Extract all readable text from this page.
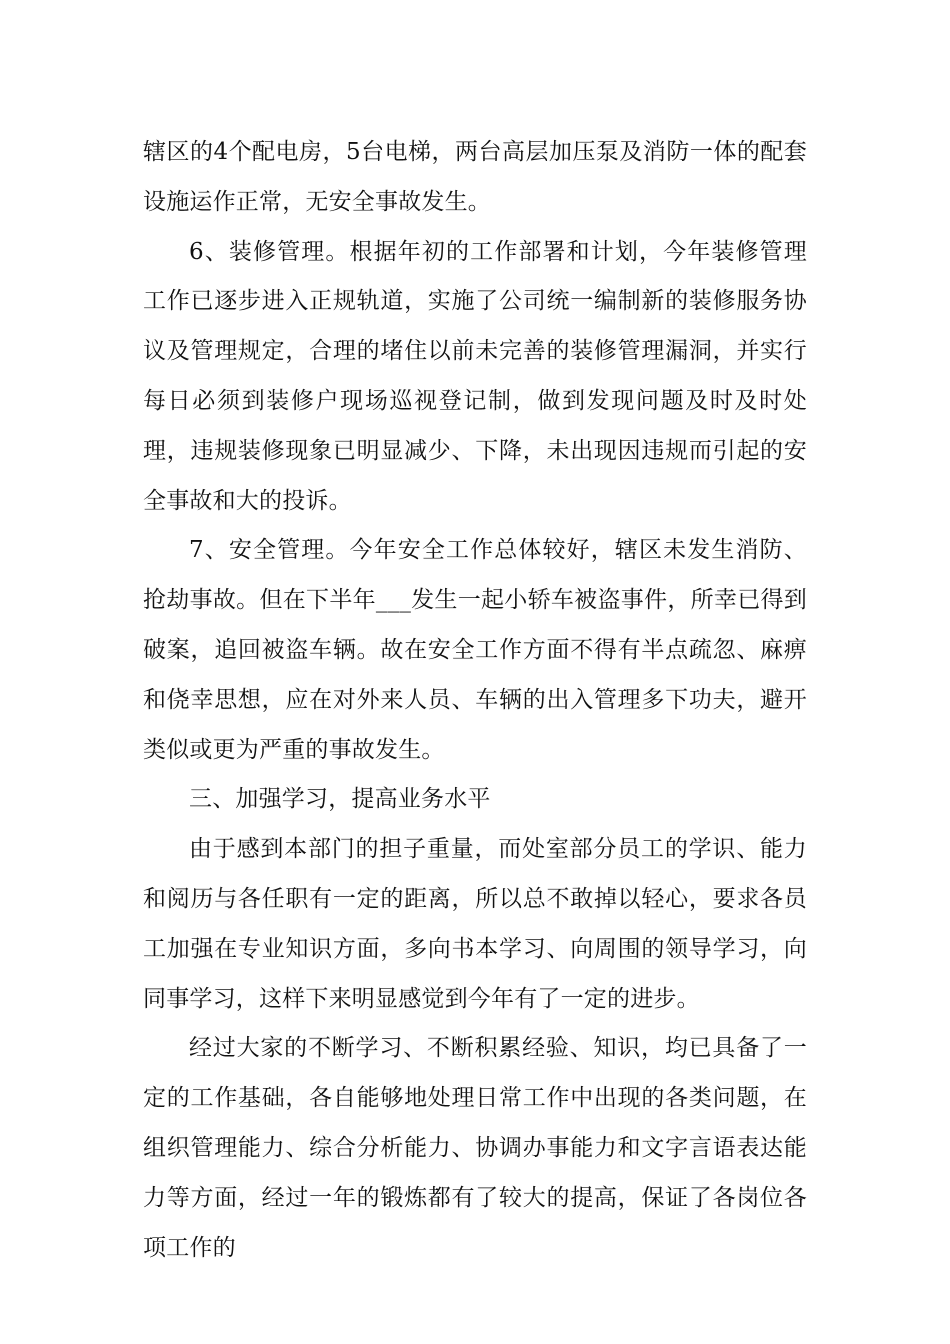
辖区的4个配电房，5台电梯，两台高层加压泵及消防一体的配套设施运作正常，无安全事故发生。

6、装修管理。根据年初的工作部署和计划，今年装修管理工作已逐步进入正规轨道，实施了公司统一编制新的装修服务协议及管理规定，合理的堵住以前未完善的装修管理漏洞，并实行每日必须到装修户现场巡视登记制，做到发现问题及时及时处理，违规装修现象已明显减少、下降，未出现因违规而引起的安全事故和大的投诉。

7、安全管理。今年安全工作总体较好，辖区未发生消防、抢劫事故。但在下半年___发生一起小轿车被盗事件，所幸已得到破案，追回被盗车辆。故在安全工作方面不得有半点疏忽、麻痹和侥幸思想，应在对外来人员、车辆的出入管理多下功夫，避开类似或更为严重的事故发生。

三、加强学习，提高业务水平

由于感到本部门的担子重量，而处室部分员工的学识、能力和阅历与各任职有一定的距离，所以总不敢掉以轻心，要求各员工加强在专业知识方面，多向书本学习、向周围的领导学习，向同事学习，这样下来明显感觉到今年有了一定的进步。

经过大家的不断学习、不断积累经验、知识，均已具备了一定的工作基础，各自能够地处理日常工作中出现的各类问题，在组织管理能力、综合分析能力、协调办事能力和文字言语表达能力等方面，经过一年的锻炼都有了较大的提高，保证了各岗位各项工作的
